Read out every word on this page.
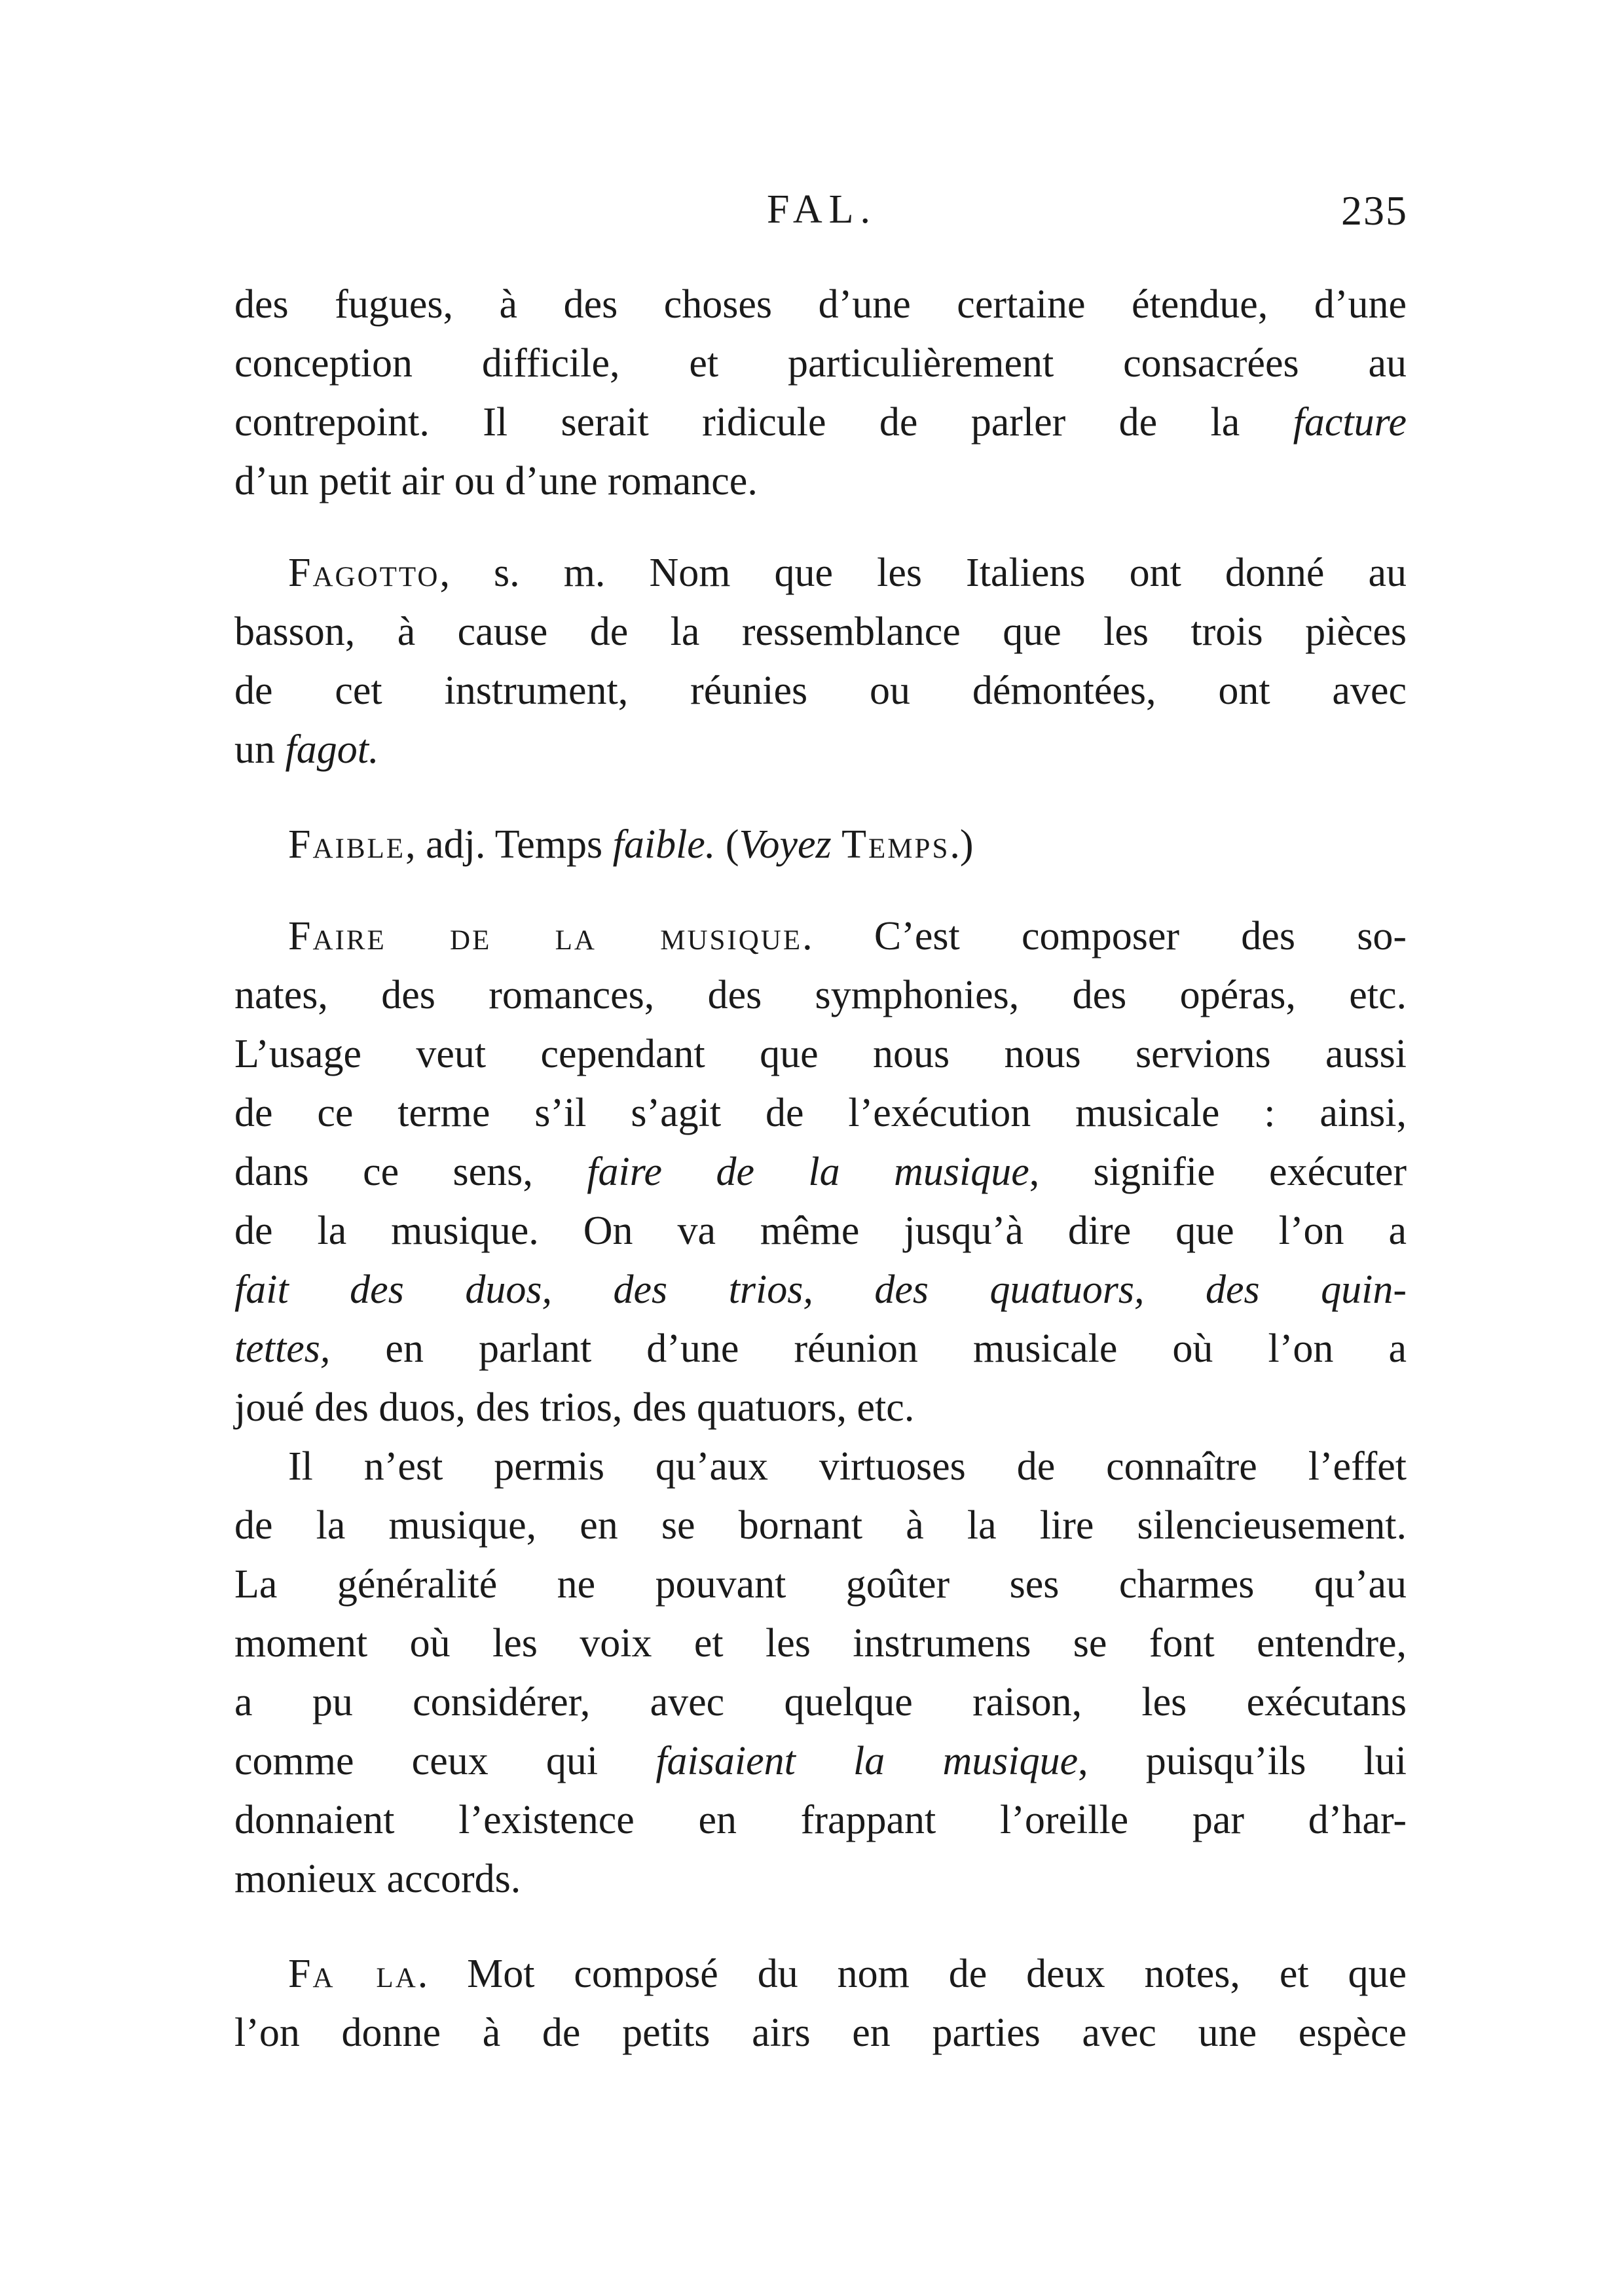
FAL.	235
des fugues, à des choses d’une certaine étendue, d’une
conception difficile, et particulièrement consacrées au
contrepoint. Il serait ridicule de parler de la facture
d’un petit air ou d’une romance.
Fagotto, s. m. Nom que les Italiens ont donné au
basson, à cause de la ressemblance que les trois pièces
de cet instrument, réunies ou démontées, ont avec
un fagot.
Faible, adj. Temps faible. (Voyez Temps.)
Faire de la musique. C’est composer des so-
nates, des romances, des symphonies, des opéras, etc.
L’usage veut cependant que nous nous servions aussi
de ce terme s’il s’agit de l’exécution musicale : ainsi,
dans ce sens, faire de la musique, signifie exécuter
de la musique. On va même jusqu’à dire que l’on a
fait des duos, des trios, des quatuors, des quin-
tettes, en parlant d’une réunion musicale où l’on a
joué des duos, des trios, des quatuors, etc.
Il n’est permis qu’aux virtuoses de connaître l’effet
de la musique, en se bornant à la lire silencieusement.
La généralité ne pouvant goûter ses charmes qu’au
moment où les voix et les instrumens se font entendre,
a pu considérer, avec quelque raison, les exécutans
comme ceux qui faisaient la musique, puisqu’ils lui
donnaient l’existence en frappant l’oreille par d’har-
monieux accords.
Fa la. Mot composé du nom de deux notes, et que
l’on donne à de petits airs en parties avec une espèce
